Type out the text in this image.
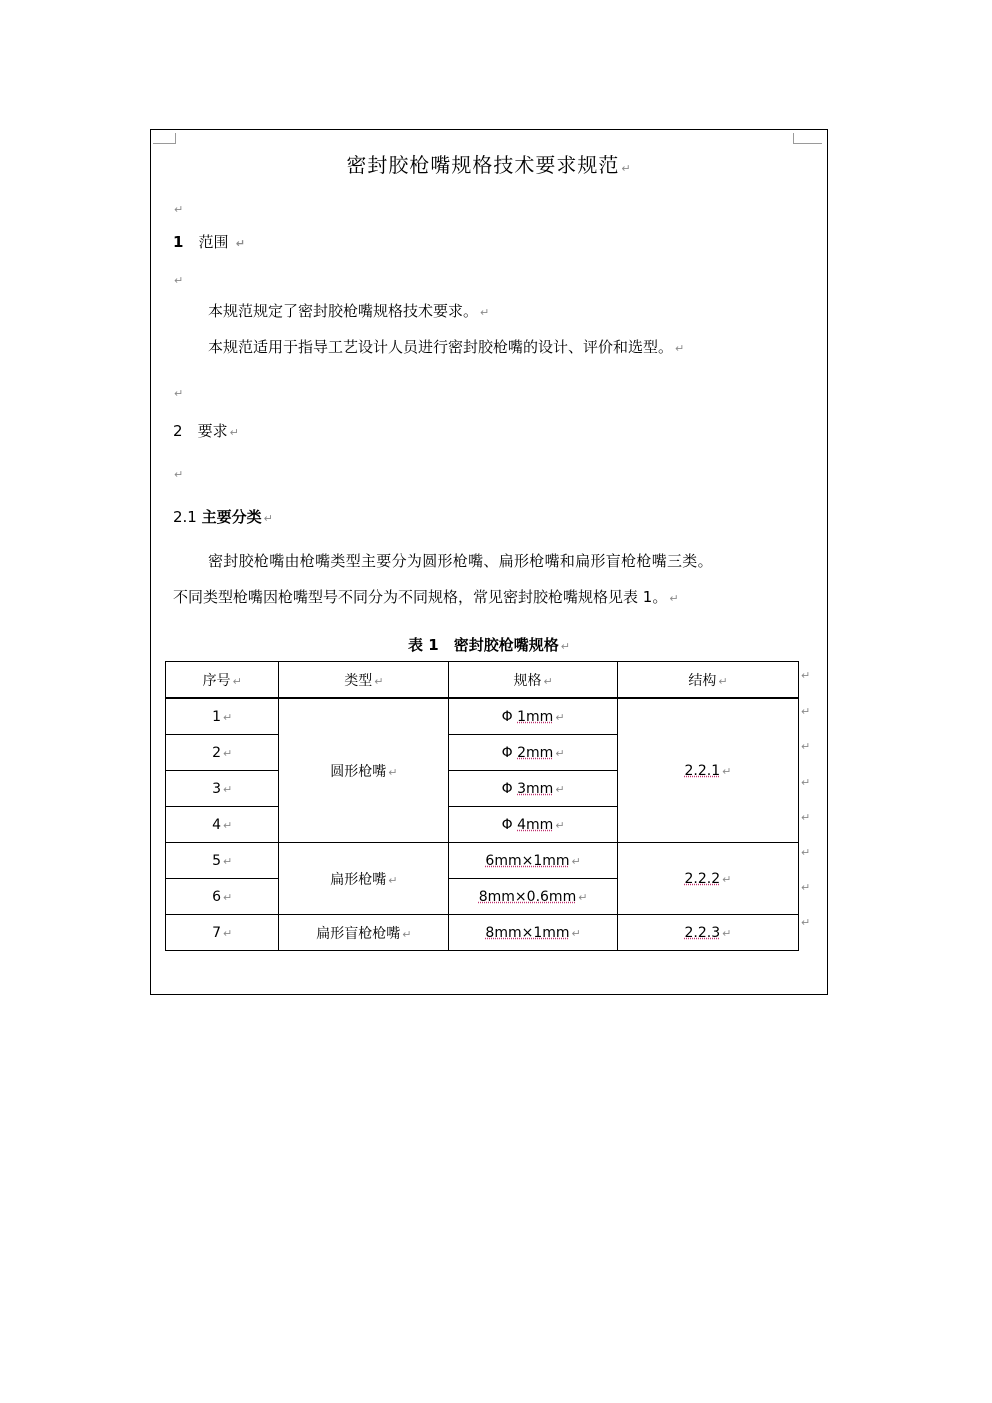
密封胶枪嘴规格技术要求规范 ↵
↵
1　 范围 ↵
↵
本规范规定了密封胶枪嘴规格技术要求。 ↵
本规范适用于指导工艺设计人员进行密封胶枪嘴的设计、评价和选型。 ↵
↵
2　 要求 ↵
↵
2.1 主要分类 ↵
密封胶枪嘴由枪嘴类型主要分为圆形枪嘴、扁形枪嘴和扁形盲枪枪嘴三类。
不同类型枪嘴因枪嘴型号不同分为不同规格，常见密封胶枪嘴规格见表 1。 ↵
表 1　密封胶枪嘴规格 ↵
序号 ↵	类型 ↵	规格 ↵	结构 ↵
1 ↵	圆形枪嘴 ↵	Φ 1mm ↵	2.2.1 ↵
2 ↵		Φ 2mm ↵	
3 ↵		Φ 3mm ↵	
4 ↵		Φ 4mm ↵	
5 ↵	扁形枪嘴 ↵	6mm×1mm ↵	2.2.2 ↵
6 ↵		8mm×0.6mm ↵	
7 ↵	扁形盲枪枪嘴 ↵	8mm×1mm ↵	2.2.3 ↵
↵
↵
↵
↵
↵
↵
↵
↵
